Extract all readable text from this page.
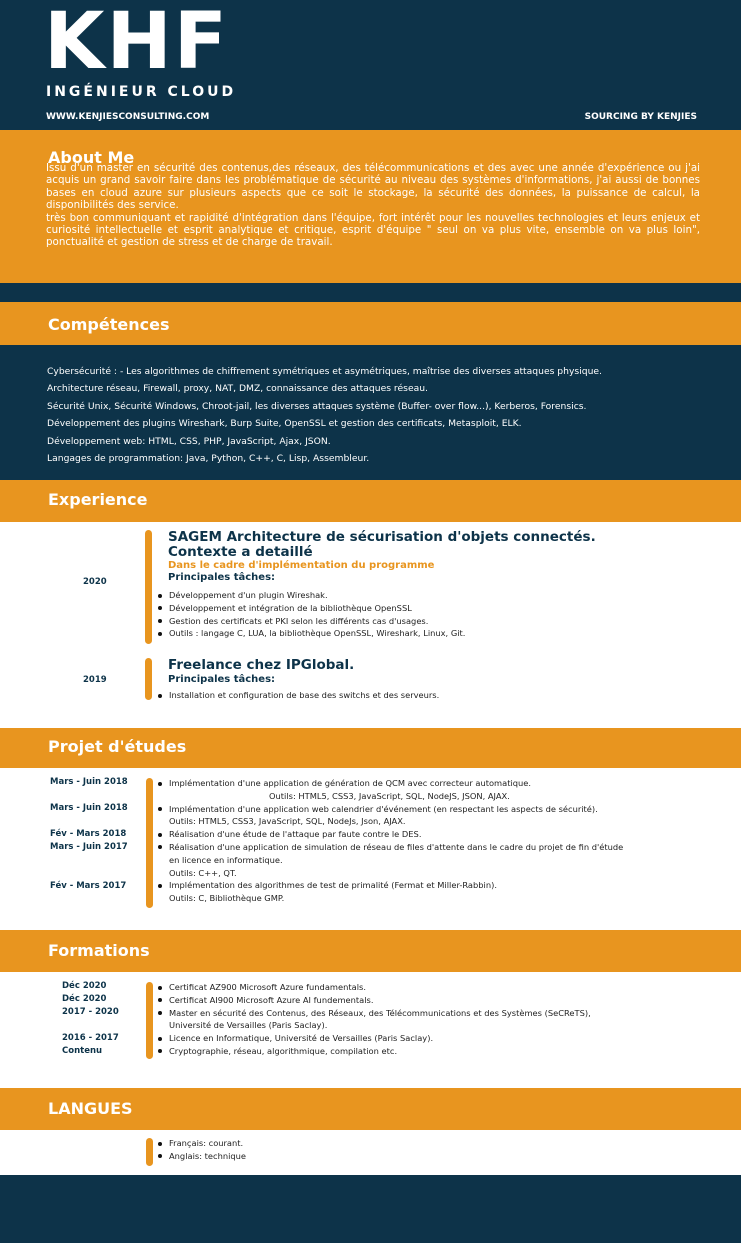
KHF
INGÉNIEUR CLOUD
WWW.KENJIESCONSULTING.COM	SOURCING BY KENJIES
About Me

Issu d'un master en sécurité des contenus,des réseaux, des télécommunications et des avec une année d'expérience ou j'ai acquis un grand savoir faire dans les problématique de sécurité au niveau des systèmes d'informations, j'ai aussi de bonnes bases en cloud azure sur plusieurs aspects que ce soit le stockage, la sécurité des données, la puissance de calcul, la disponibilités des service.
très bon communiquant et rapidité d'intégration dans l'équipe, fort intérêt pour les nouvelles technologies et leurs enjeux et curiosité intellectuelle et esprit analytique et critique, esprit d'équipe " seul on va plus vite, ensemble on va plus loin", ponctualité et gestion de stress et de charge de travail.

Compétences
Cybersécurité : - Les algorithmes de chiffrement symétriques et asymétriques, maîtrise des diverses attaques physique.
Architecture réseau, Firewall, proxy, NAT, DMZ, connaissance des attaques réseau.
Sécurité Unix, Sécurité Windows, Chroot-jail, les diverses attaques système (Buffer- over flow...), Kerberos, Forensics.
Développement des plugins Wireshark, Burp Suite, OpenSSL et gestion des certificats, Metasploit, ELK.
Développement web: HTML, CSS, PHP, JavaScript, Ajax, JSON.
Langages de programmation: Java, Python, C++, C, Lisp, Assembleur.
Experience
2020
SAGEM Architecture de sécurisation d'objets connectés.
Contexte a detaillé
Dans le cadre d'implémentation du programme
Principales tâches:
Développement d'un plugin Wireshak.
Développement et intégration de la bibliothèque OpenSSL
Gestion des certificats et PKI selon les différents cas d'usages.
Outils : langage C, LUA, la bibliothèque OpenSSL, Wireshark, Linux, Git.
2019
Freelance chez IPGlobal.
Principales tâches:
Installation et configuration de base des switchs et des serveurs.
Projet d'études
Mars - Juin 2018
Mars - Juin 2018
Fév - Mars 2018
Mars - Juin 2017
Fév - Mars 2017
Implémentation d'une application de génération de QCM avec correcteur automatique.
Outils: HTML5, CSS3, JavaScript, SQL, NodeJS, JSON, AJAX.
Implémentation d'une application web calendrier d'événement (en respectant les aspects de sécurité).
Outils: HTML5, CSS3, JavaScript, SQL, NodeJs, Json, AJAX.
Réalisation d'une étude de l'attaque par faute contre le DES.
Réalisation d'une application de simulation de réseau de files d'attente dans le cadre du projet de fin d'étude
en licence en informatique.
Outils: C++, QT.
Implémentation des algorithmes de test de primalité (Fermat et Miller-Rabbin).
Outils: C, Bibliothèque GMP.
Formations
Déc 2020
Déc 2020
2017 - 2020
2016 - 2017
Contenu
Certificat AZ900 Microsoft Azure fundamentals.
Certificat AI900 Microsoft Azure AI fundementals.
Master en sécurité des Contenus, des Réseaux, des Télécommunications et des Systèmes (SeCReTS),
Université de Versailles (Paris Saclay).
Licence en Informatique, Université de Versailles (Paris Saclay).
Cryptographie, réseau, algorithmique, compilation etc.
LANGUES
Français: courant.
Anglais: technique
